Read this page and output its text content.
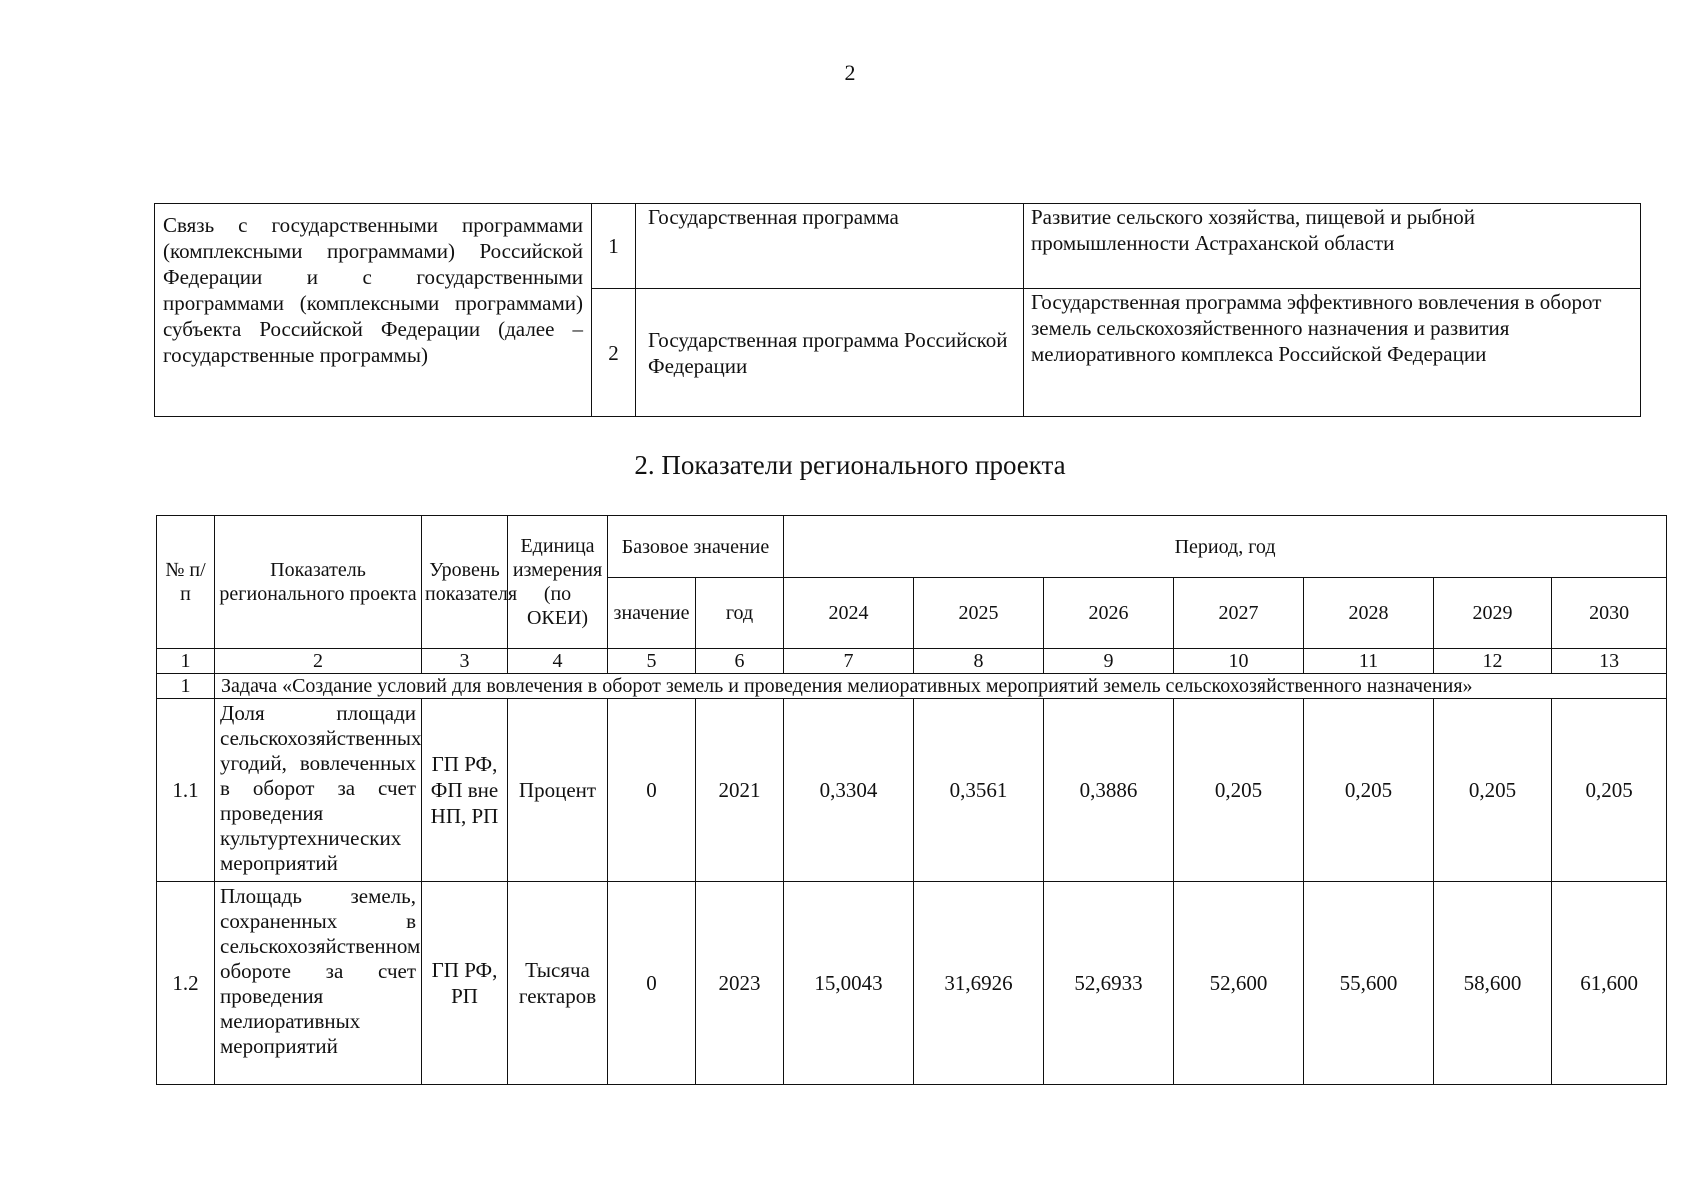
2
Связь с государственными программами (комплексными программами) Российской Федерации и с государственными программами (комплексными программами) субъекта Российской Федерации (далее – государственные программы)	1	Государственная программа	Развитие сельского хозяйства, пищевой и рыбной промышленности Астраханской области
	2	Государственная программа Российской Федерации	Государственная программа эффективного вовлечения в оборот земель сельскохозяйственного назначения и развития мелиоративного комплекса Российской Федерации
2. Показатели регионального проекта
№ п/п	Показатель регионального проекта	Уровень показателя	Единица измерения (по ОКЕИ)	Базовое значение		Период, год						
				значение	год	2024	2025	2026	2027	2028	2029	2030
1	2	3	4	5	6	7	8	9	10	11	12	13
1	Задача «Создание условий для вовлечения в оборот земель и проведения мелиоративных мероприятий земель сельскохозяйственного назначения»											
1.1	Доля площади сельскохозяйственных угодий, вовлеченных в оборот за счет проведения культуртехнических мероприятий	ГП РФ, ФП вне НП, РП	Процент	0	2021	0,3304	0,3561	0,3886	0,205	0,205	0,205	0,205
1.2	Площадь земель, сохраненных в сельскохозяйственном обороте за счет проведения мелиоративных мероприятий	ГП РФ, РП	Тысяча гектаров	0	2023	15,0043	31,6926	52,6933	52,600	55,600	58,600	61,600
